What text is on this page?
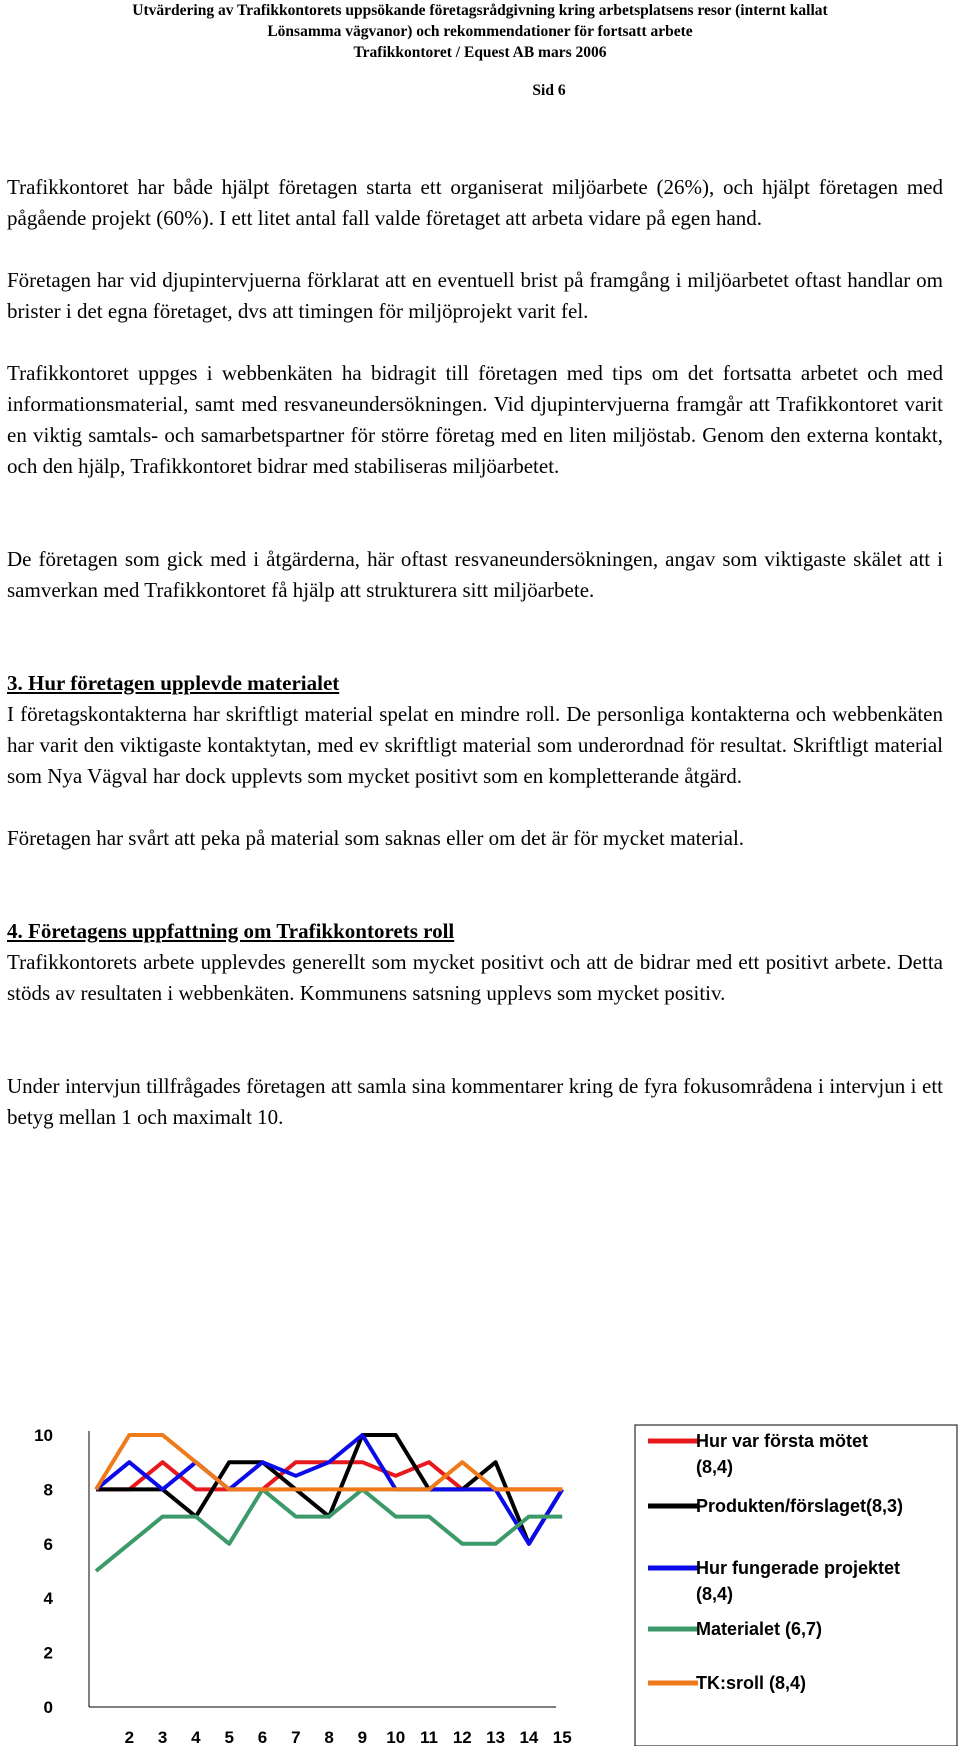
Utvärdering av Trafikkontorets uppsökande företagsrådgivning kring arbetsplatsens resor (internt kallat
Lönsamma vägvanor) och rekommendationer för fortsatt arbete
Trafikkontoret / Equest AB mars 2006
Sid 6

Trafikkontoret har både hjälpt företagen starta ett organiserat miljöarbete (26%), och hjälpt företagen med pågående projekt (60%). I ett litet antal fall valde företaget att arbeta vidare på egen hand.

Företagen har vid djupintervjuerna förklarat att en eventuell brist på framgång i miljöarbetet oftast handlar om brister i det egna företaget, dvs att timingen för miljöprojekt varit fel.

Trafikkontoret uppges i webbenkäten ha bidragit till företagen med tips om det fortsatta arbetet och med informationsmaterial, samt med resvaneundersökningen. Vid djupintervjuerna framgår att Trafikkontoret varit en viktig samtals- och samarbetspartner för större företag med en liten miljöstab. Genom den externa kontakt, och den hjälp, Trafikkontoret bidrar med stabiliseras miljöarbetet.

De företagen som gick med i åtgärderna, här oftast resvaneundersökningen, angav som viktigaste skälet att i samverkan med Trafikkontoret få hjälp att strukturera sitt miljöarbete.

3. Hur företagen upplevde materialet

I företagskontakterna har skriftligt material spelat en mindre roll. De personliga kontakterna och webbenkäten har varit den viktigaste kontaktytan, med ev skriftligt material som underordnad för resultat. Skriftligt material som Nya Vägval har dock upplevts som mycket positivt som en kompletterande åtgärd.

Företagen har svårt att peka på material som saknas eller om det är för mycket material.

4. Företagens uppfattning om Trafikkontorets roll

Trafikkontorets arbete upplevdes generellt som mycket positivt och att de bidrar med ett positivt arbete. Detta stöds av resultaten i webbenkäten. Kommunens satsning upplevs som mycket positiv.

Under intervjun tillfrågades företagen att samla sina kommentarer kring de fyra fokusområdena i intervjun i ett betyg mellan 1 och maximalt 10.

0
2
4
6
8
10
2 3 4 5 6 7 8 9 10 11 12 13 14 15
Hur var första mötet
(8,4)
Produkten/förslaget(8,3)
Hur fungerade projektet
(8,4)
Materialet (6,7)
TK:sroll (8,4)
